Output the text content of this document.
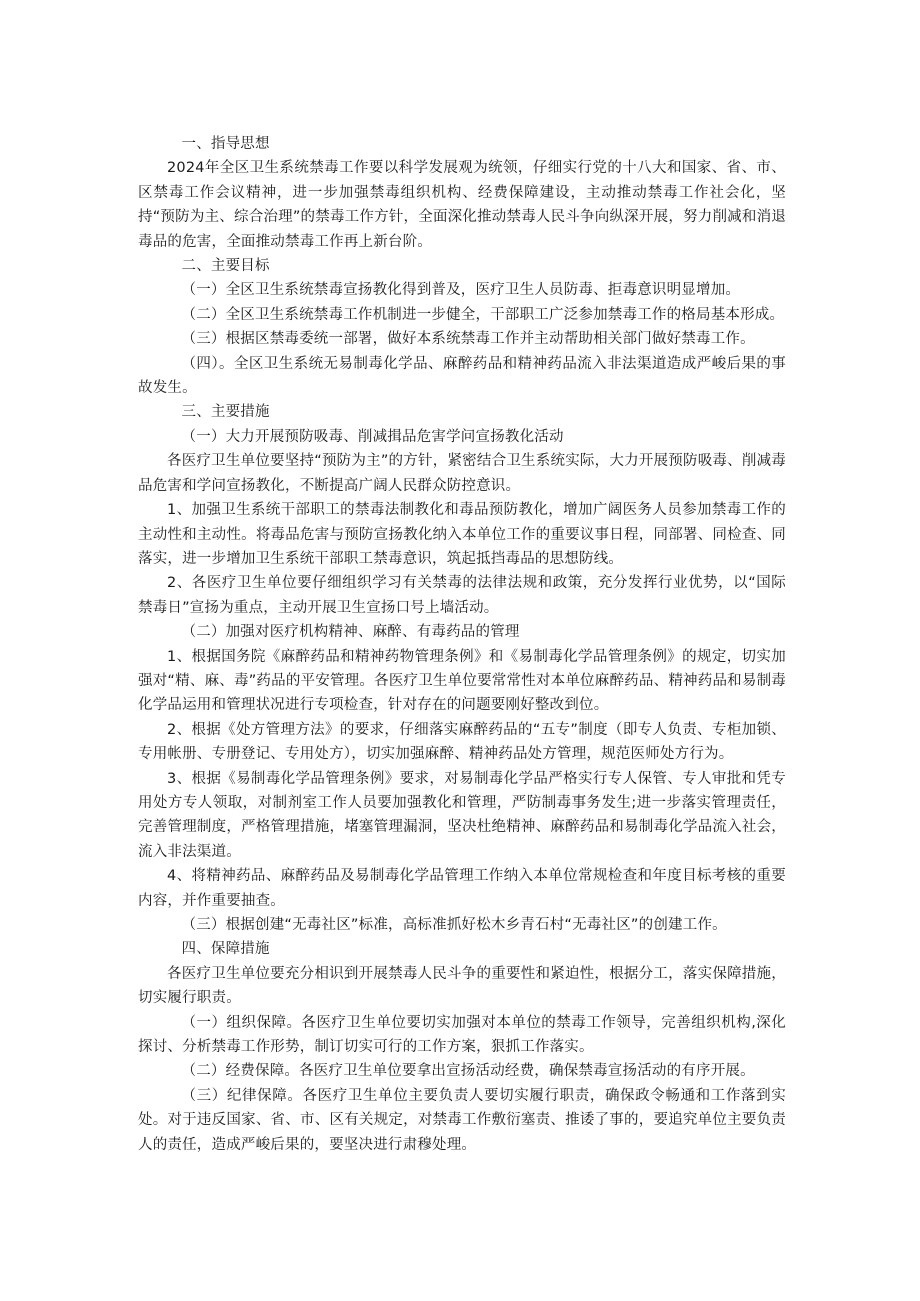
一、指导思想

2024年全区卫生系统禁毒工作要以科学发展观为统领，仔细实行党的十八大和国家、省、市、区禁毒工作会议精神，进一步加强禁毒组织机构、经费保障建设，主动推动禁毒工作社会化，坚持“预防为主、综合治理”的禁毒工作方针，全面深化推动禁毒人民斗争向纵深开展，努力削减和消退毒品的危害，全面推动禁毒工作再上新台阶。

二、主要目标

（一）全区卫生系统禁毒宣扬教化得到普及，医疗卫生人员防毒、拒毒意识明显增加。

（二）全区卫生系统禁毒工作机制进一步健全，干部职工广泛参加禁毒工作的格局基本形成。

（三）根据区禁毒委统一部署，做好本系统禁毒工作并主动帮助相关部门做好禁毒工作。

（四）。全区卫生系统无易制毒化学品、麻醉药品和精神药品流入非法渠道造成严峻后果的事故发生。

三、主要措施

（一）大力开展预防吸毒、削减揖品危害学问宣扬教化活动

各医疗卫生单位要坚持“预防为主”的方针，紧密结合卫生系统实际，大力开展预防吸毒、削减毒品危害和学问宣扬教化，不断提高广阔人民群众防控意识。

1、加强卫生系统干部职工的禁毒法制教化和毒品预防教化，增加广阔医务人员参加禁毒工作的主动性和主动性。将毒品危害与预防宣扬教化纳入本单位工作的重要议事日程，同部署、同检查、同落实，进一步增加卫生系统干部职工禁毒意识，筑起抵挡毒品的思想防线。

2、各医疗卫生单位要仔细组织学习有关禁毒的法律法规和政策，充分发挥行业优势，以“国际禁毒日”宣扬为重点，主动开展卫生宣扬口号上墙活动。

（二）加强对医疗机构精神、麻醉、有毒药品的管理

1、根据国务院《麻醉药品和精神药物管理条例》和《易制毒化学品管理条例》的规定，切实加强对“精、麻、毒”药品的平安管理。各医疗卫生单位要常常性对本单位麻醉药品、精神药品和易制毒化学品运用和管理状况进行专项检查，针对存在的问题要刚好整改到位。

2、根据《处方管理方法》的要求，仔细落实麻醉药品的“五专”制度（即专人负责、专柜加锁、专用帐册、专册登记、专用处方），切实加强麻醉、精神药品处方管理，规范医师处方行为。

3、根据《易制毒化学品管理条例》要求，对易制毒化学品严格实行专人保管、专人审批和凭专用处方专人领取，对制剂室工作人员要加强教化和管理，严防制毒事务发生;进一步落实管理责任，完善管理制度，严格管理措施，堵塞管理漏洞，坚决杜绝精神、麻醉药品和易制毒化学品流入社会，流入非法渠道。

4、将精神药品、麻醉药品及易制毒化学品管理工作纳入本单位常规检查和年度目标考核的重要内容，并作重要抽查。

（三）根据创建“无毒社区”标准，高标准抓好松木乡青石村“无毒社区”的创建工作。

四、保障措施

各医疗卫生单位要充分相识到开展禁毒人民斗争的重要性和紧迫性，根据分工，落实保障措施，切实履行职责。

（一）组织保障。各医疗卫生单位要切实加强对本单位的禁毒工作领导，完善组织机构,深化探讨、分析禁毒工作形势，制订切实可行的工作方案，狠抓工作落实。

（二）经费保障。各医疗卫生单位要拿出宣扬活动经费，确保禁毒宣扬活动的有序开展。

（三）纪律保障。各医疗卫生单位主要负责人要切实履行职责，确保政令畅通和工作落到实处。对于违反国家、省、市、区有关规定，对禁毒工作敷衍塞责、推诿了事的，要追究单位主要负责人的责任，造成严峻后果的，要坚决进行肃穆处理。
